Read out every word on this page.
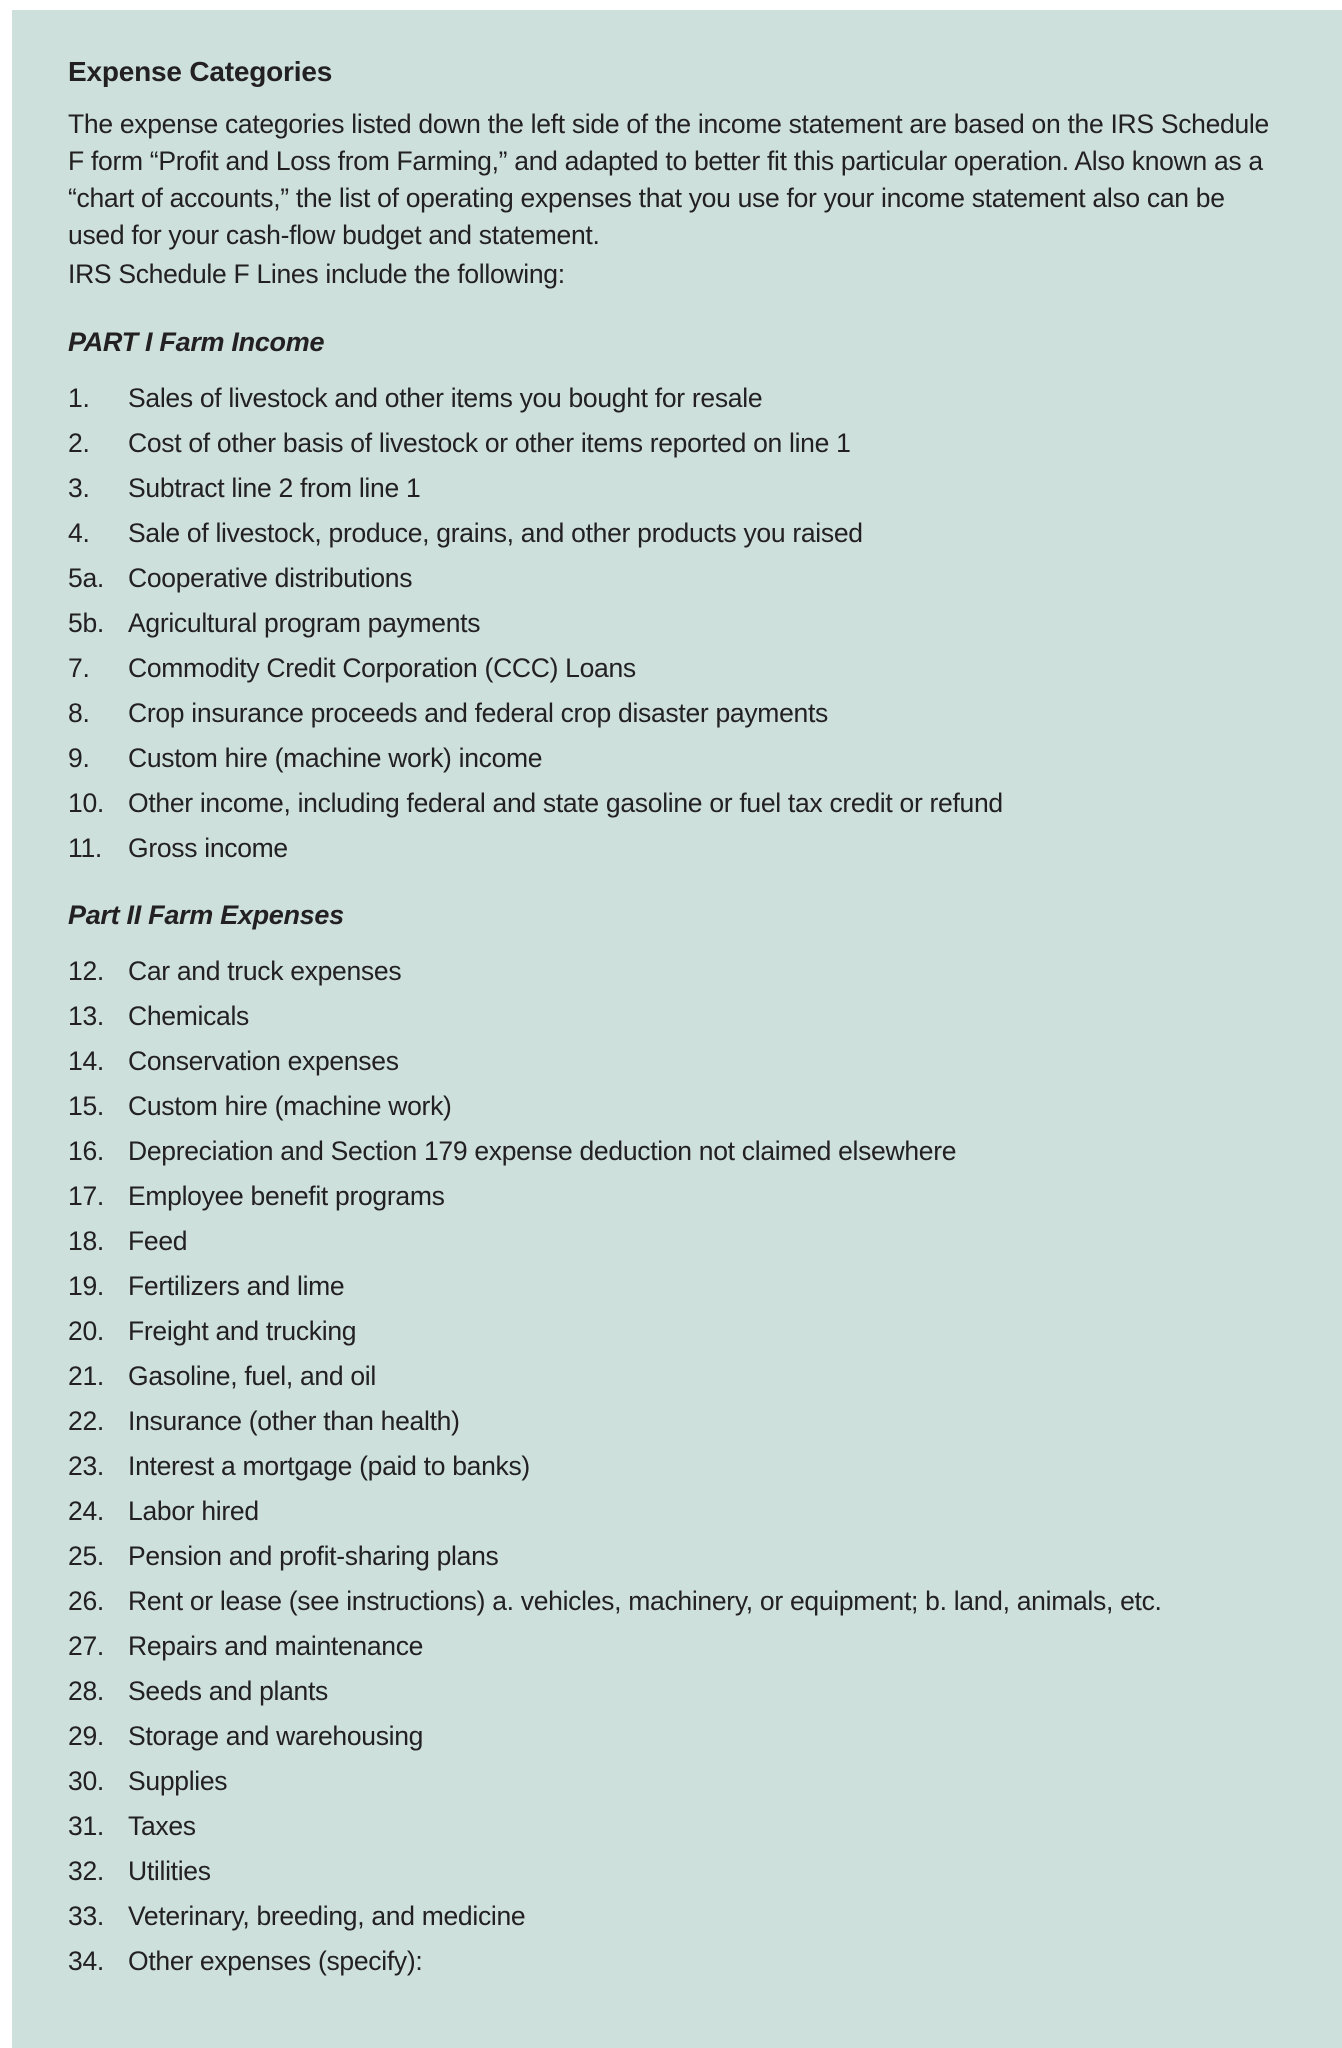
Expense Categories

The expense categories listed down the left side of the income statement are based on the IRS Schedule F form “Profit and Loss from Farming,” and adapted to better fit this particular operation. Also known as a “chart of accounts,” the list of operating expenses that you use for your income statement also can be used for your cash-flow budget and statement.

IRS Schedule F Lines include the following:

PART I Farm Income
1.	Sales of livestock and other items you bought for resale
2.	Cost of other basis of livestock or other items reported on line 1
3.	Subtract line 2 from line 1
4.	Sale of livestock, produce, grains, and other products you raised
5a. Cooperative distributions
5b. Agricultural program payments
7.	Commodity Credit Corporation (CCC) Loans
8.	Crop insurance proceeds and federal crop disaster payments
9.	Custom hire (machine work) income
10. Other income, including federal and state gasoline or fuel tax credit or refund
11. Gross income
Part II Farm Expenses
12. Car and truck expenses
13. Chemicals
14. Conservation expenses
15. Custom hire (machine work)
16. Depreciation and Section 179 expense deduction not claimed elsewhere
17. Employee benefit programs
18. Feed
19. Fertilizers and lime
20. Freight and trucking
21. Gasoline, fuel, and oil
22. Insurance (other than health)
23. Interest a mortgage (paid to banks)
24. Labor hired
25. Pension and profit-sharing plans
26. Rent or lease (see instructions) a. vehicles, machinery, or equipment; b. land, animals, etc.
27. Repairs and maintenance
28. Seeds and plants
29. Storage and warehousing
30. Supplies
31. Taxes
32. Utilities
33. Veterinary, breeding, and medicine
34. Other expenses (specify):
